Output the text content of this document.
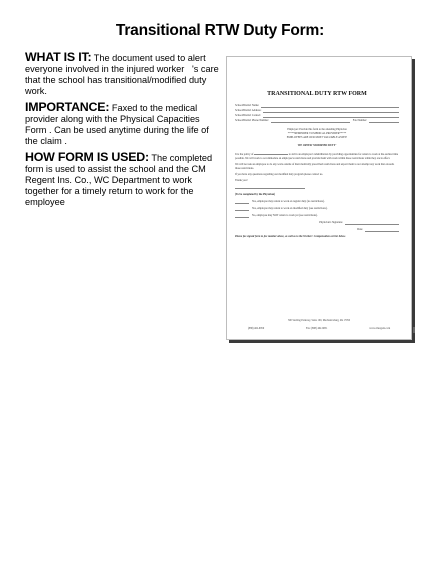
Transitional RTW Duty Form:
WHAT IS IT: The document used to alert everyone involved in the injured worker   's care that the school has transitional/modified duty work.
IMPORTANCE: Faxed to the medical provider along with the Physical Capacities Form . Can be used anytime during the life of the claim .
HOW FORM IS USED: The completed form is used to assist the school and the CM Regent Ins. Co., WC Department to work together for a timely return to work for the employee
TRANSITIONAL DUTY RTW FORM
School/District Name:
School/District Address:
School/District Contact:
School/District Phone Number:	Fax Number:
Employer: Provide this form to the attending Physician
*****REMINDER TO MEDICAL PROVIDER*****
EMPLOYEES ARE OUR MOST VALUABLE ASSET!
WE OFFER 'MODIFIED DUTY'
It is the policy of	to aid in an employee's rehabilitation by providing opportunities for return to work at the earliest time possible. We will work to accommodate an employee's restrictions and provide them with work within those restrictions while they are in effect.
We will not ask an employee to do any work outside of their medically prescribed restrictions and expect them to not attempt any work that exceeds those restrictions.
If you have any questions regarding our modified duty program please contact us.
Thank you!
(To be completed by the Physician)
Yes, employee may return to work on regular duty (no restrictions).
Yes, employee may return to work on modified duty (see restrictions).
No, employee may NOT return to work yet (see restrictions).
Physician's Signature:
Date:
Please fax signed form to fax number above, as well as to the Workers' Compensation carrier below.
300 Sterling Parkway, Suite 100, Mechanicsburg, PA 17050
(888) 462-6859	Fax: (888) 462-6851	www.cmregent.com
